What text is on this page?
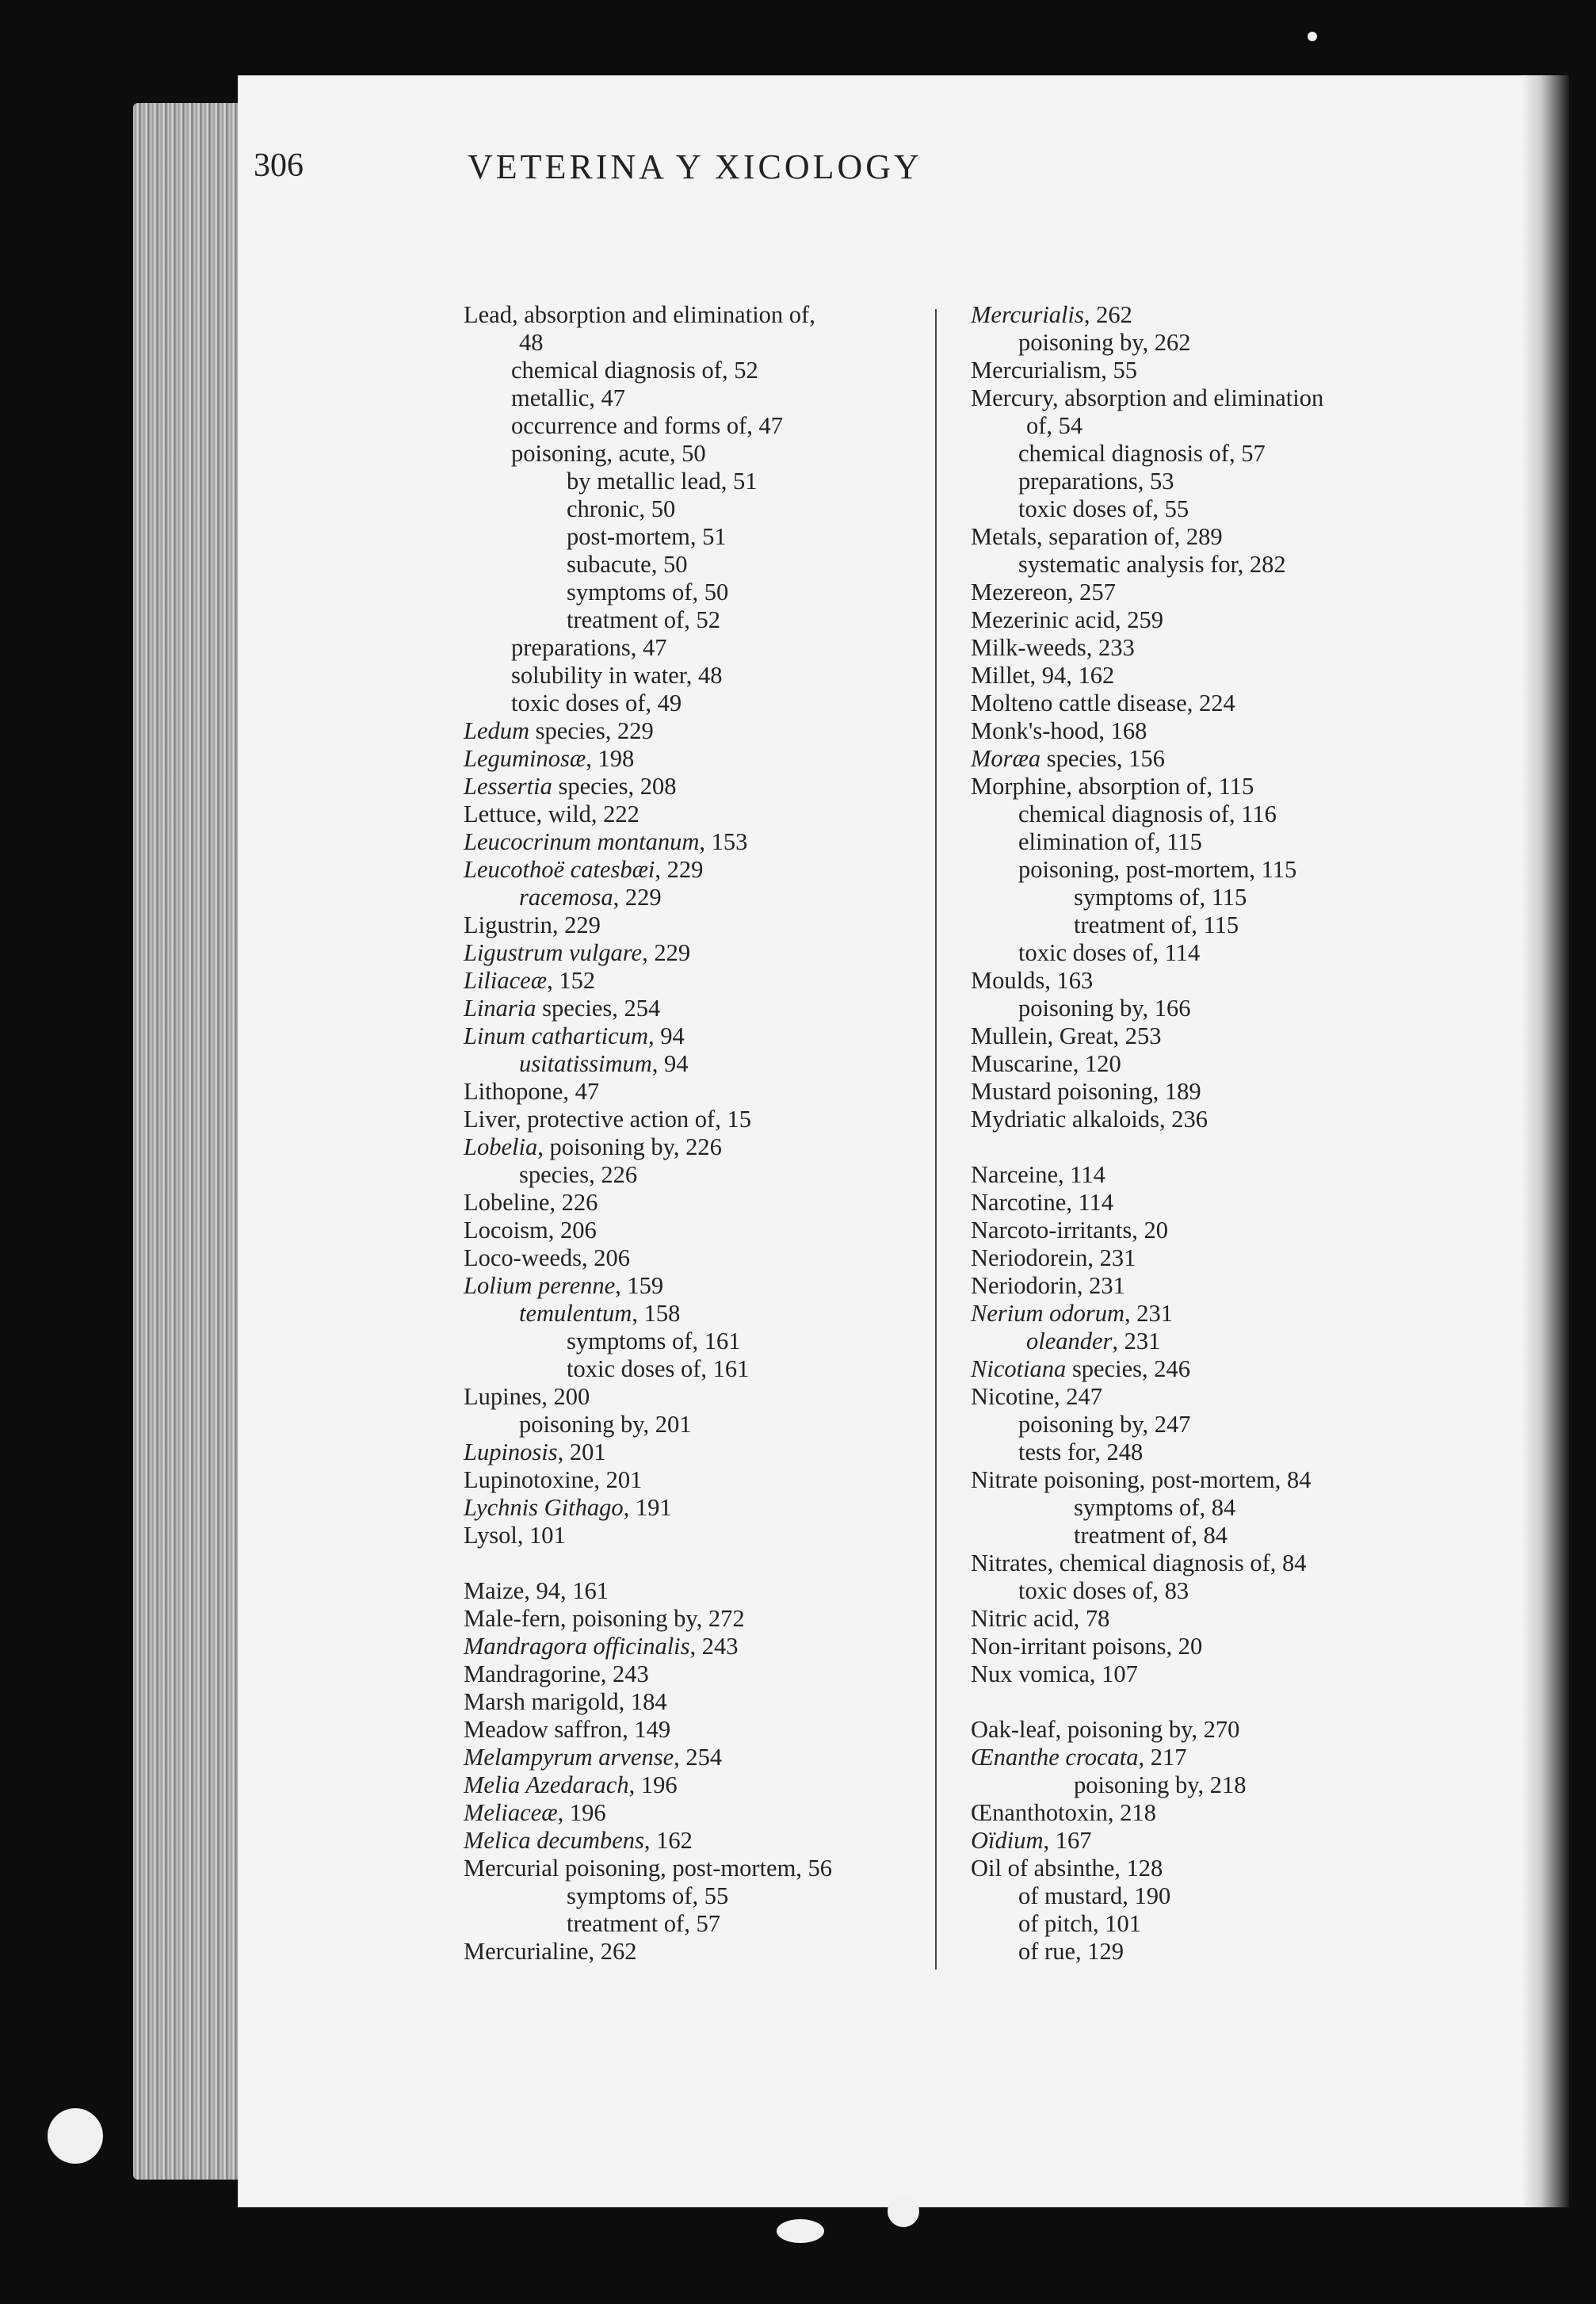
306	VETERINA Y XICOLOGY
Lead, absorption and elimination of,
48
chemical diagnosis of, 52
metallic, 47
occurrence and forms of, 47
poisoning, acute, 50
by metallic lead, 51
chronic, 50
post-mortem, 51
subacute, 50
symptoms of, 50
treatment of, 52
preparations, 47
solubility in water, 48
toxic doses of, 49
Ledum species, 229
Leguminosæ, 198
Lessertia species, 208
Lettuce, wild, 222
Leucocrinum montanum, 153
Leucothoë catesbæi, 229
racemosa, 229
Ligustrin, 229
Ligustrum vulgare, 229
Liliaceæ, 152
Linaria species, 254
Linum catharticum, 94
usitatissimum, 94
Lithopone, 47
Liver, protective action of, 15
Lobelia, poisoning by, 226
species, 226
Lobeline, 226
Locoism, 206
Loco-weeds, 206
Lolium perenne, 159
temulentum, 158
symptoms of, 161
toxic doses of, 161
Lupines, 200
poisoning by, 201
Lupinosis, 201
Lupinotoxine, 201
Lychnis Githago, 191
Lysol, 101
Maize, 94, 161
Male-fern, poisoning by, 272
Mandragora officinalis, 243
Mandragorine, 243
Marsh marigold, 184
Meadow saffron, 149
Melampyrum arvense, 254
Melia Azedarach, 196
Meliaceæ, 196
Melica decumbens, 162
Mercurial poisoning, post-mortem, 56
symptoms of, 55
treatment of, 57
Mercurialine, 262
Mercurialis, 262
poisoning by, 262
Mercurialism, 55
Mercury, absorption and elimination
of, 54
chemical diagnosis of, 57
preparations, 53
toxic doses of, 55
Metals, separation of, 289
systematic analysis for, 282
Mezereon, 257
Mezerinic acid, 259
Milk-weeds, 233
Millet, 94, 162
Molteno cattle disease, 224
Monk's-hood, 168
Moræa species, 156
Morphine, absorption of, 115
chemical diagnosis of, 116
elimination of, 115
poisoning, post-mortem, 115
symptoms of, 115
treatment of, 115
toxic doses of, 114
Moulds, 163
poisoning by, 166
Mullein, Great, 253
Muscarine, 120
Mustard poisoning, 189
Mydriatic alkaloids, 236
Narceine, 114
Narcotine, 114
Narcoto-irritants, 20
Neriodorein, 231
Neriodorin, 231
Nerium odorum, 231
oleander, 231
Nicotiana species, 246
Nicotine, 247
poisoning by, 247
tests for, 248
Nitrate poisoning, post-mortem, 84
symptoms of, 84
treatment of, 84
Nitrates, chemical diagnosis of, 84
toxic doses of, 83
Nitric acid, 78
Non-irritant poisons, 20
Nux vomica, 107
Oak-leaf, poisoning by, 270
Œnanthe crocata, 217
poisoning by, 218
Œnanthotoxin, 218
Oïdium, 167
Oil of absinthe, 128
of mustard, 190
of pitch, 101
of rue, 129
